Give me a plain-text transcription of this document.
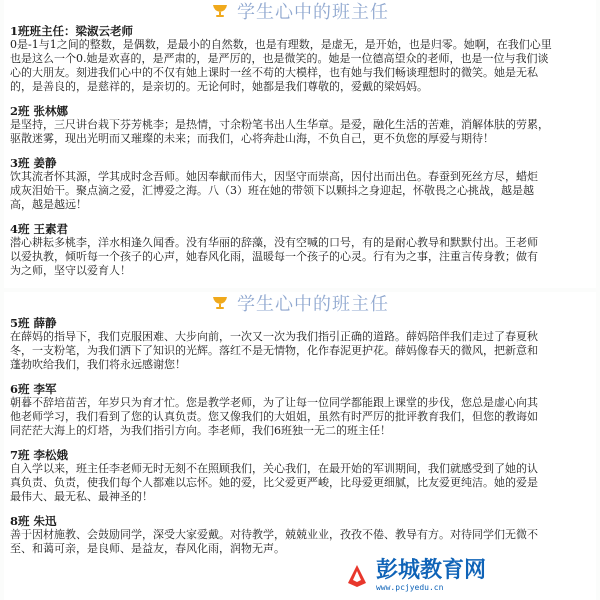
学生心中的班主任

1班班主任：梁淑云老师

0是-1与1之间的整数，是偶数，是最小的自然数，也是有理数，是虚无，是开始，也是归零。她啊，在我们心里

也是这么一个0.她是欢喜的，是严肃的，是严厉的，也是微笑的。她是一位德高望众的老师，也是一位与我们谈

心的大朋友。刻进我们心中的不仅有她上课时一丝不苟的大模样，也有她与我们畅谈理想时的微笑。她是无私

的，是善良的，是慈祥的，是亲切的。无论何时，她都是我们尊敬的，爱戴的梁妈妈。

2班 张林娜

是坚持，三尺讲台栽下芬芳桃李；是热情，寸余粉笔书出人生华章。是爱，融化生活的苦难，消解体肤的劳累，

驱散迷雾，现出光明而又璀璨的未来；而我们，心将奔赴山海，不负自己，更不负您的厚爱与期待！

3班 姜静

饮其流者怀其源，学其成时念吾师。她因奉献而伟大，因坚守而崇高，因付出而出色。春蚕到死丝方尽，蜡炬

成灰泪始干。聚点滴之爱，汇博爱之海。八（3）班在她的带领下以颗抖之身迎起，怀敬畏之心挑战，越是越

高，越是越远！

4班 王素君

潜心耕耘多桃李，洋水相逢久闻香。没有华丽的辞藻，没有空喊的口号，有的是耐心教导和默默付出。王老师

以爱执教，倾听每一个孩子的心声，她春风化雨，温暖每一个孩子的心灵。行有为之事，注重言传身教；做有

为之师，坚守以爱育人！

学生心中的班主任

5班 薛静

在薛妈的指导下，我们克服困难、大步向前，一次又一次为我们指引正确的道路。薛妈陪伴我们走过了春夏秋

冬，一支粉笔，为我们洒下了知识的光辉。落红不是无情物，化作春泥更护花。薛妈像春天的微风，把新意和

蓬勃吹给我们，我们将永远感谢您！

6班 李军

朝暮不辞培苗苦，年岁只为育才忙。您是教学老师，为了让每一位同学都能跟上课堂的步伐，您总是虚心向其

他老师学习，我们看到了您的认真负责。您又像我们的大姐姐，虽然有时严厉的批评教育我们，但您的教诲如

同茫茫大海上的灯塔，为我们指引方向。李老师，我们6班独一无二的班主任！

7班 李松娥

自入学以来，班主任李老师无时无刻不在照顾我们，关心我们，在最开始的军训期间，我们就感受到了她的认

真负责、负责，使我们每个人都难以忘怀。她的爱，比父爱更严峻，比母爱更细腻，比友爱更纯洁。她的爱是

最伟大、最无私、最神圣的！

8班 朱迅

善于因材施教、会鼓励同学，深受大家爱戴。对待教学，兢兢业业，孜孜不倦、教导有方。对待同学们无微不

至、和蔼可亲，是良师、是益友，春风化雨，润物无声。

彭城教育网
www.pcjyedu.cn
